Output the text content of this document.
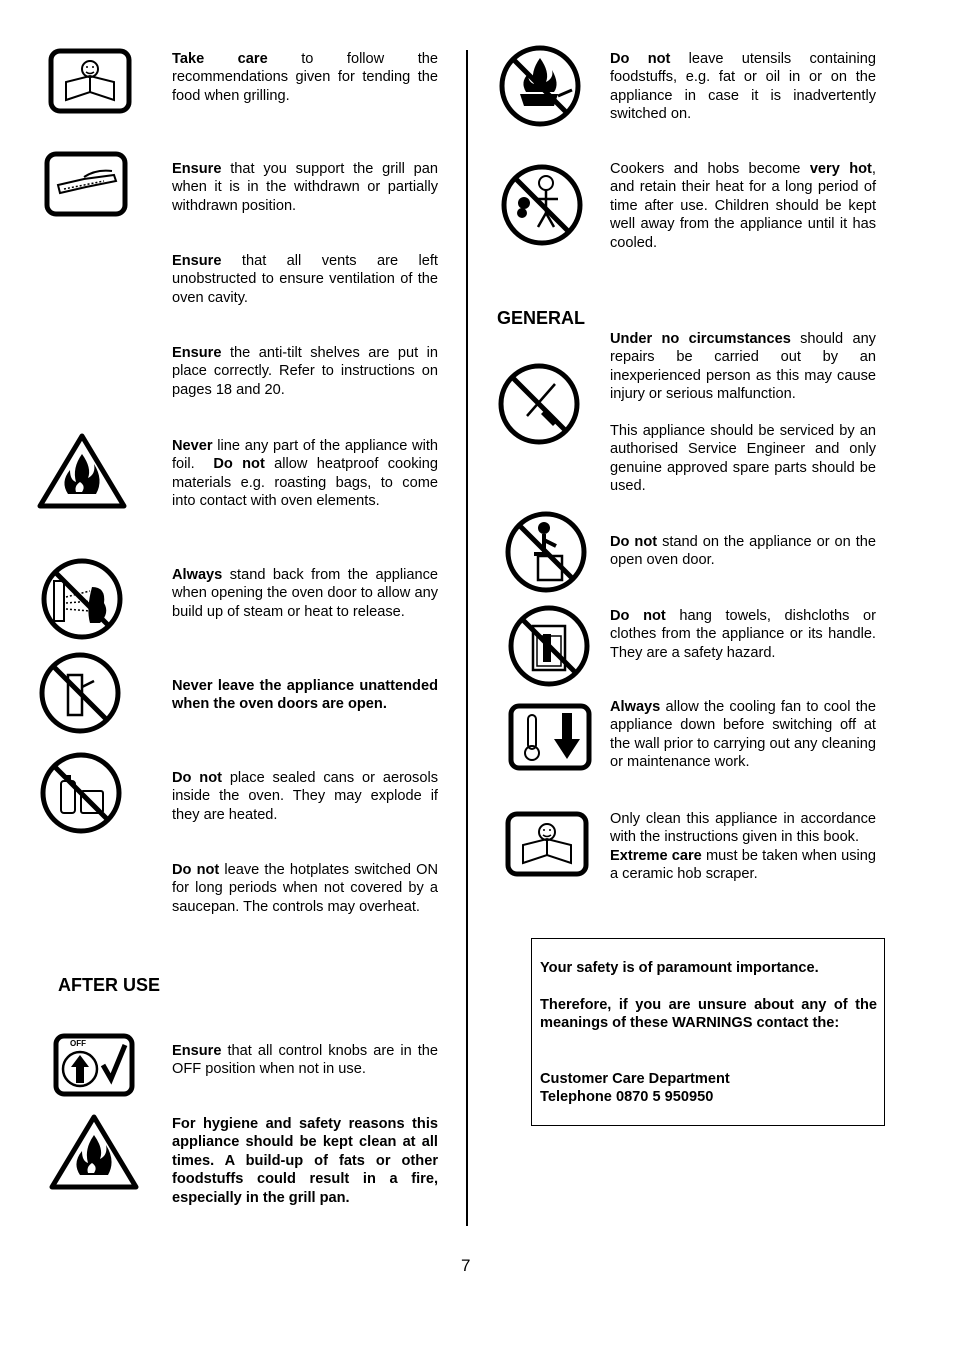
Take care to follow the recommendations given for tending the food when grilling.
Ensure that you support the grill pan when it is in the withdrawn or partially withdrawn position.
Ensure that all vents are left unobstructed to ensure ventilation of the oven cavity.
Ensure the anti-tilt shelves are put in place correctly. Refer to instructions on pages 18 and 20.
Never line any part of the appliance with foil. Do not allow heatproof cooking materials e.g. roasting bags, to come into contact with oven elements.
Always stand back from the appliance when opening the oven door to allow any build up of steam or heat to release.
Never leave the appliance unattended when the oven doors are open.
Do not place sealed cans or aerosols inside the oven. They may explode if they are heated.
Do not leave the hotplates switched ON for long periods when not covered by a saucepan. The controls may overheat.
AFTER USE
OFF	Ensure that all control knobs are in the OFF position when not in use.
For hygiene and safety reasons this appliance should be kept clean at all times. A build-up of fats or other foodstuffs could result in a fire, especially in the grill pan.
Do not leave utensils containing foodstuffs, e.g. fat or oil in or on the appliance in case it is inadvertently switched on.
Cookers and hobs become very hot, and retain their heat for a long period of time after use. Children should be kept well away from the appliance until it has cooled.
GENERAL
Under no circumstances should any repairs be carried out by an inexperienced person as this may cause injury or serious malfunction.
This appliance should be serviced by an authorised Service Engineer and only genuine approved spare parts should be used.
Do not stand on the appliance or on the open oven door.
Do not hang towels, dishcloths or clothes from the appliance or its handle. They are a safety hazard.
Always allow the cooling fan to cool the appliance down before switching off at the wall prior to carrying out any cleaning or maintenance work.
Only clean this appliance in accordance with the instructions given in this book.
Extreme care must be taken when using a ceramic hob scraper.
Your safety is of paramount importance.
Therefore, if you are unsure about any of the meanings of these WARNINGS contact the:
Customer Care Department
Telephone 0870 5 950950
7
